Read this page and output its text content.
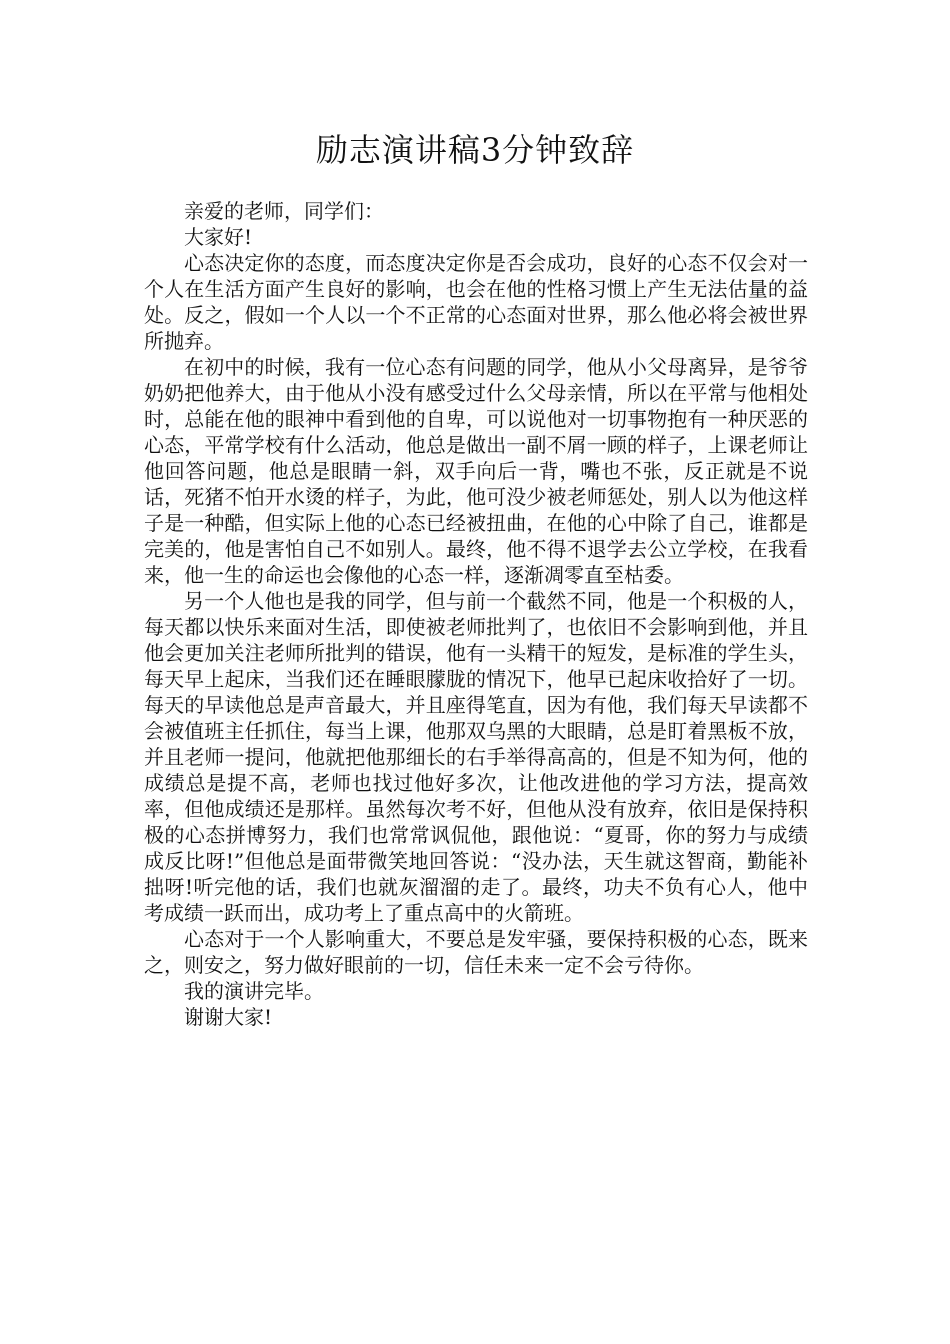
励志演讲稿3分钟致辞

亲爱的老师，同学们：

大家好!

心态决定你的态度，而态度决定你是否会成功，良好的心态不仅会对一个人在生活方面产生良好的影响，也会在他的性格习惯上产生无法估量的益处。反之，假如一个人以一个不正常的心态面对世界，那么他必将会被世界所抛弃。

在初中的时候，我有一位心态有问题的同学，他从小父母离异，是爷爷奶奶把他养大，由于他从小没有感受过什么父母亲情，所以在平常与他相处时，总能在他的眼神中看到他的自卑，可以说他对一切事物抱有一种厌恶的心态，平常学校有什么活动，他总是做出一副不屑一顾的样子，上课老师让他回答问题，他总是眼睛一斜，双手向后一背，嘴也不张，反正就是不说话，死猪不怕开水烫的样子，为此，他可没少被老师惩处，别人以为他这样子是一种酷，但实际上他的心态已经被扭曲，在他的心中除了自己，谁都是完美的，他是害怕自己不如别人。最终，他不得不退学去公立学校，在我看来，他一生的命运也会像他的心态一样，逐渐凋零直至枯委。

另一个人他也是我的同学，但与前一个截然不同，他是一个积极的人，每天都以快乐来面对生活，即使被老师批判了，也依旧不会影响到他，并且他会更加关注老师所批判的错误，他有一头精干的短发，是标准的学生头，每天早上起床，当我们还在睡眼朦胧的情况下，他早已起床收拾好了一切。每天的早读他总是声音最大，并且座得笔直，因为有他，我们每天早读都不会被值班主任抓住，每当上课，他那双乌黑的大眼睛，总是盯着黑板不放，并且老师一提问，他就把他那细长的右手举得高高的，但是不知为何，他的成绩总是提不高，老师也找过他好多次，让他改进他的学习方法，提高效率，但他成绩还是那样。虽然每次考不好，但他从没有放弃，依旧是保持积极的心态拼博努力，我们也常常讽侃他，跟他说：“夏哥，你的努力与成绩成反比呀!”但他总是面带微笑地回答说：“没办法，天生就这智商，勤能补拙呀!听完他的话，我们也就灰溜溜的走了。最终，功夫不负有心人，他中考成绩一跃而出，成功考上了重点高中的火箭班。

心态对于一个人影响重大，不要总是发牢骚，要保持积极的心态，既来之，则安之，努力做好眼前的一切，信任未来一定不会亏待你。

我的演讲完毕。

谢谢大家!
